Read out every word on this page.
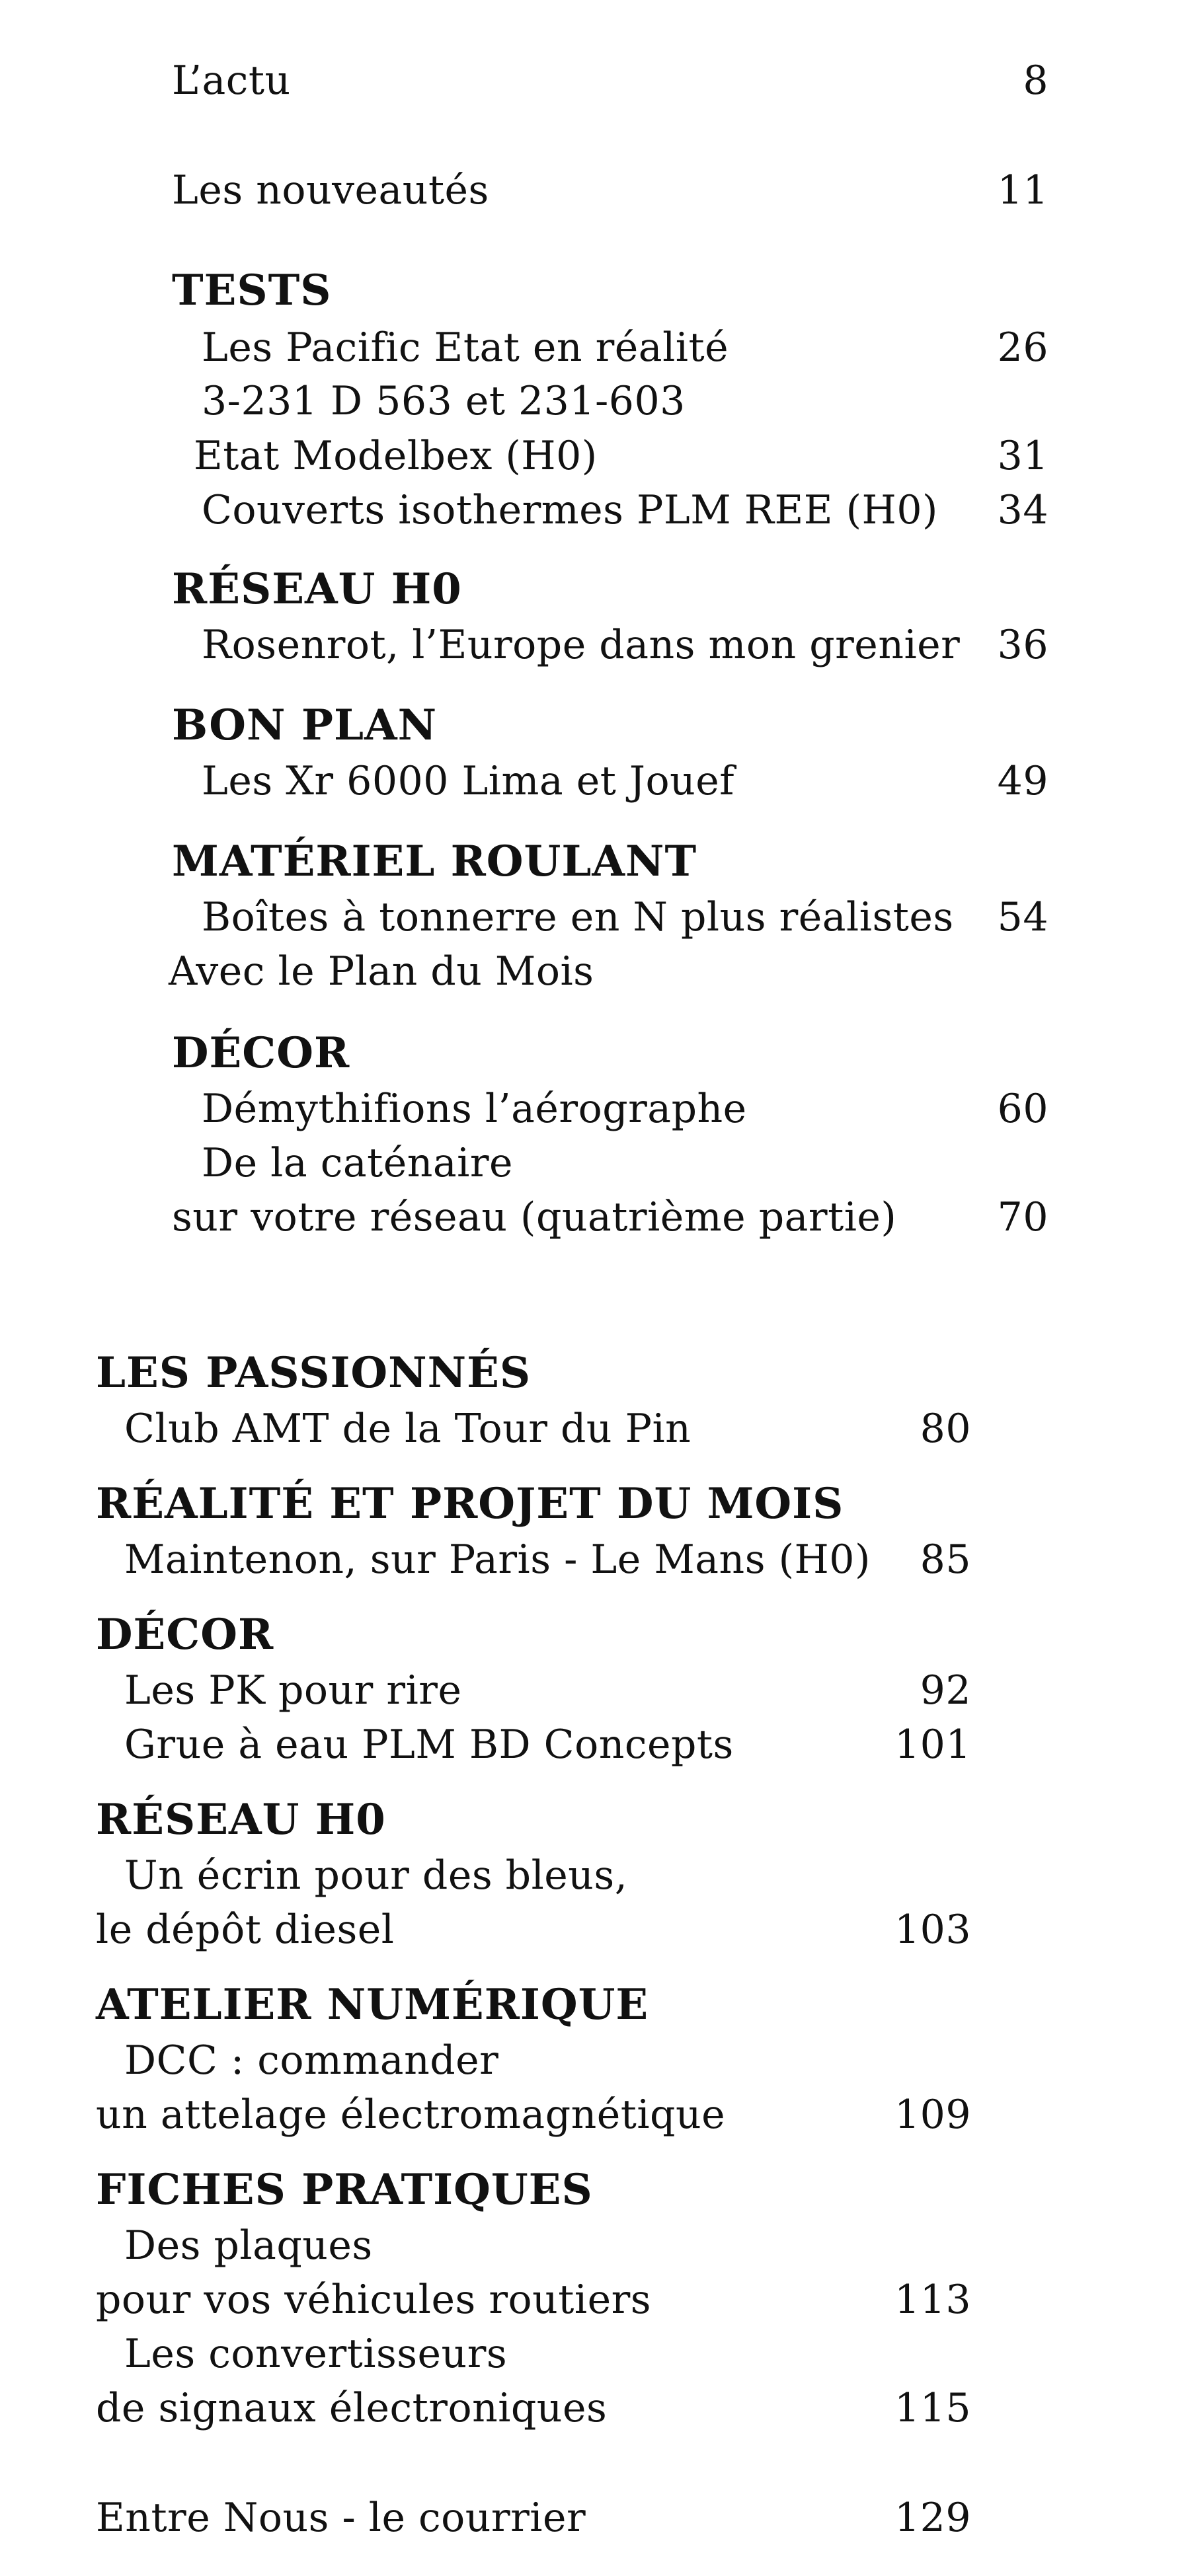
L’actu	8
Les nouveautés	11
TESTS
Les Pacific Etat en réalité	26
3-231 D 563 et 231-603
Etat Modelbex (H0)	31
Couverts isothermes PLM REE (H0) 34
RÉSEAU H0
Rosenrot, l’Europe dans mon grenier 36
BON PLAN
Les Xr 6000 Lima et Jouef	49
MATÉRIEL ROULANT
Boîtes à tonnerre en N plus réalistes 54
Avec le Plan du Mois
DÉCOR
Démythifions l’aérographe	60
De la caténaire
sur votre réseau (quatrième partie)	70
LES PASSIONNÉS
Club AMT de la Tour du Pin	80
RÉALITÉ ET PROJET DU MOIS
Maintenon, sur Paris - Le Mans (H0) 85
DÉCOR
Les PK pour rire	92
Grue à eau PLM BD Concepts	101
RÉSEAU H0
Un écrin pour des bleus,
le dépôt diesel	103
ATELIER NUMÉRIQUE
DCC : commander
un attelage électromagnétique	109
FICHES PRATIQUES
Des plaques
pour vos véhicules routiers	113
Les convertisseurs
de signaux électroniques	115
Entre Nous - le courrier	129
